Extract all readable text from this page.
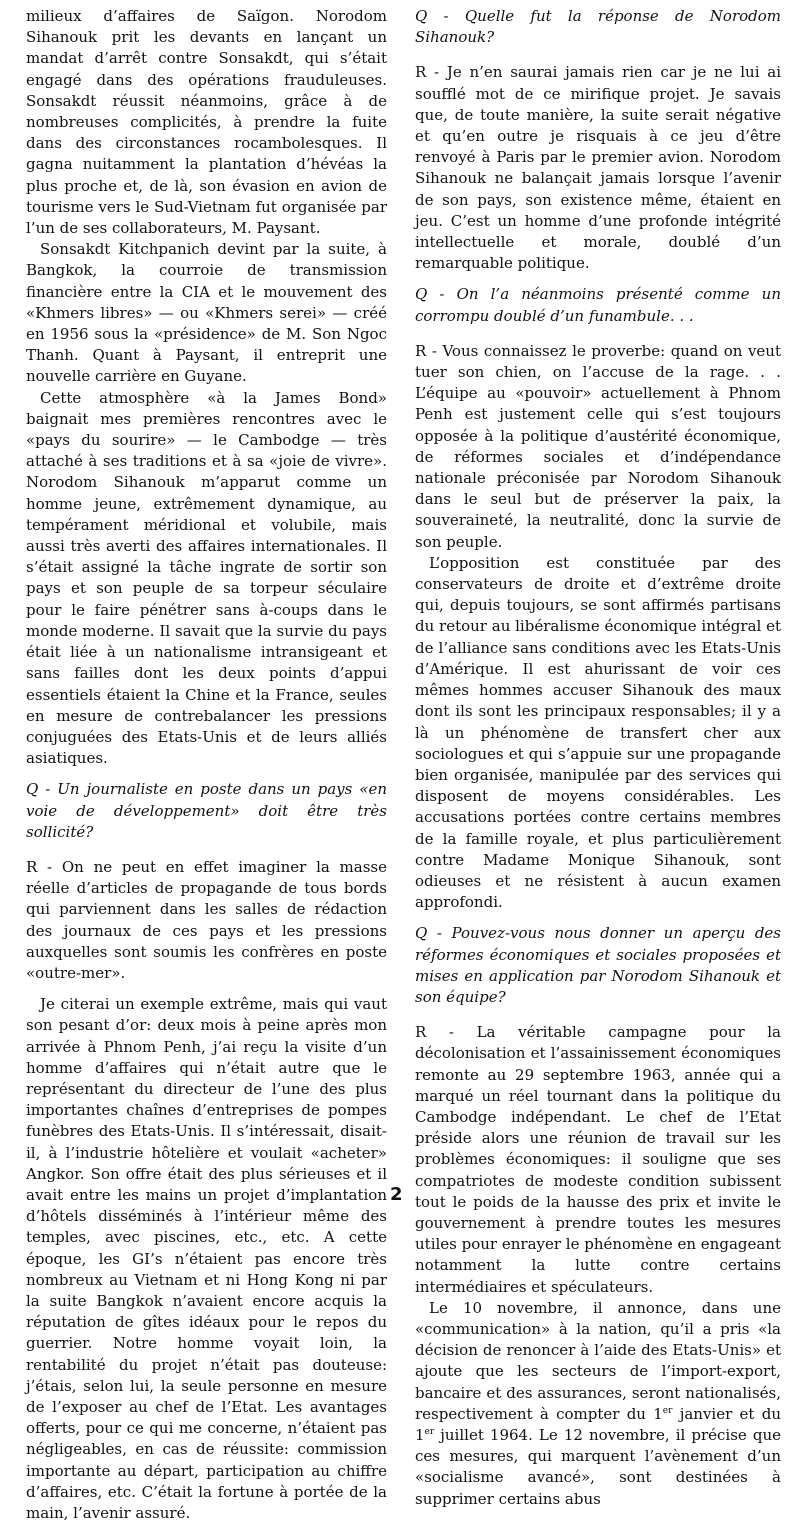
milieux d’affaires de Saïgon. Norodom Sihanouk prit les devants en lançant un mandat d’arrêt contre Sonsakdt, qui s’était engagé dans des opérations frauduleuses. Sonsakdt réussit néanmoins, grâce à de nombreuses complicités, à prendre la fuite dans des circonstances rocambolesques. Il gagna nuitamment la plantation d’hévéas la plus proche et, de là, son évasion en avion de tourisme vers le Sud-Vietnam fut organisée par l’un de ses collaborateurs, M. Paysant.

Sonsakdt Kitchpanich devint par la suite, à Bangkok, la courroie de transmission financière entre la CIA et le mouvement des «Khmers libres» — ou «Khmers serei» — créé en 1956 sous la «présidence» de M. Son Ngoc Thanh. Quant à Paysant, il entreprit une nouvelle carrière en Guyane.

Cette atmosphère «à la James Bond» baignait mes premières rencontres avec le «pays du sourire» — le Cambodge — très attaché à ses traditions et à sa «joie de vivre». Norodom Sihanouk m’apparut comme un homme jeune, extrêmement dynamique, au tempérament méridional et volubile, mais aussi très averti des affaires internationales. Il s’était assigné la tâche ingrate de sortir son pays et son peuple de sa torpeur séculaire pour le faire pénétrer sans à-coups dans le monde moderne. Il savait que la survie du pays était liée à un nationalisme intransigeant et sans failles dont les deux points d’appui essentiels étaient la Chine et la France, seules en mesure de contrebalancer les pressions conjuguées des Etats-Unis et de leurs alliés asiatiques.

Q - Un journaliste en poste dans un pays «en voie de développement» doit être très sollicité?

R - On ne peut en effet imaginer la masse réelle d’articles de propagande de tous bords qui parviennent dans les salles de rédaction des journaux de ces pays et les pressions auxquelles sont soumis les confrères en poste «outre-mer».

Je citerai un exemple extrême, mais qui vaut son pesant d’or: deux mois à peine après mon arrivée à Phnom Penh, j’ai reçu la visite d’un homme d’affaires qui n’était autre que le représentant du directeur de l’une des plus importantes chaînes d’entreprises de pompes funèbres des Etats-Unis. Il s’intéressait, disait-il, à l’industrie hôtelière et voulait «acheter» Angkor. Son offre était des plus sérieuses et il avait entre les mains un projet d’implantation d’hôtels disséminés à l’intérieur même des temples, avec piscines, etc., etc. A cette époque, les GI’s n’étaient pas encore très nombreux au Vietnam et ni Hong Kong ni par la suite Bangkok n’avaient encore acquis la réputation de gîtes idéaux pour le repos du guerrier. Notre homme voyait loin, la rentabilité du projet n’était pas douteuse: j’étais, selon lui, la seule personne en mesure de l’exposer au chef de l’Etat. Les avantages offerts, pour ce qui me concerne, n’étaient pas négligeables, en cas de réussite: commission importante au départ, participation au chiffre d’affaires, etc. C’était la fortune à portée de la main, l’avenir assuré.

Q - Quelle fut la réponse de Norodom Sihanouk?

R - Je n’en saurai jamais rien car je ne lui ai soufflé mot de ce mirifique projet. Je savais que, de toute manière, la suite serait négative et qu’en outre je risquais à ce jeu d’être renvoyé à Paris par le premier avion. Norodom Sihanouk ne balançait jamais lorsque l’avenir de son pays, son existence même, étaient en jeu. C’est un homme d’une profonde intégrité intellectuelle et morale, doublé d’un remarquable politique.

Q - On l’a néanmoins présenté comme un corrompu doublé d’un funambule. . .

R - Vous connaissez le proverbe: quand on veut tuer son chien, on l’accuse de la rage. . . L’équipe au «pouvoir» actuellement à Phnom Penh est justement celle qui s’est toujours opposée à la politique d’austérité économique, de réformes sociales et d’indépendance nationale préconisée par Norodom Sihanouk dans le seul but de préserver la paix, la souveraineté, la neutralité, donc la survie de son peuple.

L’opposition est constituée par des conservateurs de droite et d’extrême droite qui, depuis toujours, se sont affirmés partisans du retour au libéralisme économique intégral et de l’alliance sans conditions avec les Etats-Unis d’Amérique. Il est ahurissant de voir ces mêmes hommes accuser Sihanouk des maux dont ils sont les principaux responsables; il y a là un phénomène de transfert cher aux sociologues et qui s’appuie sur une propagande bien organisée, manipulée par des services qui disposent de moyens considérables. Les accusations portées contre certains membres de la famille royale, et plus particulièrement contre Madame Monique Sihanouk, sont odieuses et ne résistent à aucun examen approfondi.

Q - Pouvez-vous nous donner un aperçu des réformes économiques et sociales proposées et mises en application par Norodom Sihanouk et son équipe?

R - La véritable campagne pour la décolonisation et l’assainissement économiques remonte au 29 septembre 1963, année qui a marqué un réel tournant dans la politique du Cambodge indépendant. Le chef de l’Etat préside alors une réunion de travail sur les problèmes économiques: il souligne que ses compatriotes de modeste condition subissent tout le poids de la hausse des prix et invite le gouvernement à prendre toutes les mesures utiles pour enrayer le phénomène en engageant notamment la lutte contre certains intermédiaires et spéculateurs.

Le 10 novembre, il annonce, dans une «communication» à la nation, qu’il a pris «la décision de renoncer à l’aide des Etats-Unis» et ajoute que les secteurs de l’import-export, bancaire et des assurances, seront nationalisés, respectivement à compter du 1er janvier et du 1er juillet 1964. Le 12 novembre, il précise que ces mesures, qui marquent l’avènement d’un «socialisme avancé», sont destinées à supprimer certains abus

2
